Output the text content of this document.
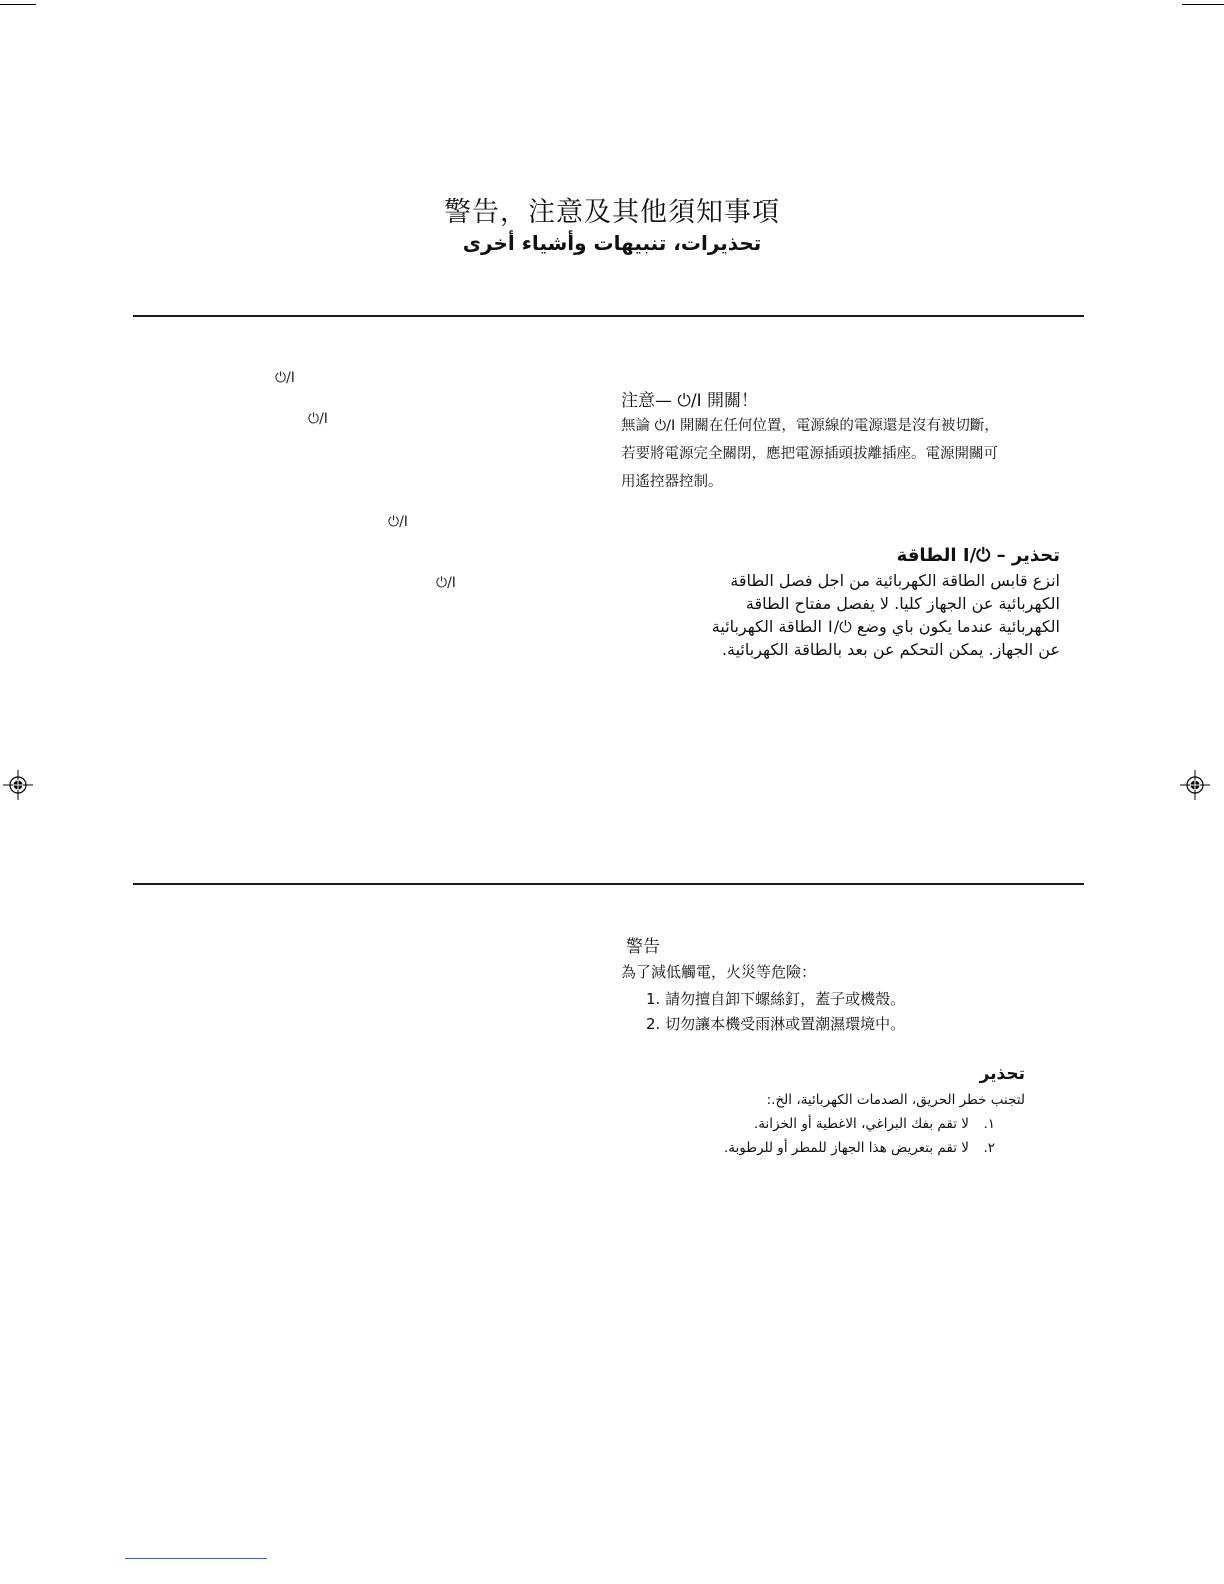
警告，注意及其他須知事項
تحذيرات، تنبيهات وأشياء أخرى
⏻/I
⏻/I
⏻/I
⏻/I
注意— ⏻/I 開關！
無論 ⏻/I 開關在任何位置，電源線的電源還是沒有被切斷，
若要將電源完全關閉，應把電源插頭拔離插座。電源開關可
用遙控器控制。
تحذير – ⏻/I الطاقة
انزع قابس الطاقة الكهربائية من اجل فصل الطاقة
الكهربائية عن الجهاز كليا. لا يفصل مفتاح الطاقة
الكهربائية عندما يكون باي وضع ⏻/I الطاقة الكهربائية
عن الجهاز. يمكن التحكم عن بعد بالطاقة الكهربائية.
警告
為了減低觸電，火災等危險：
1. 請勿擅自卸下螺絲釘，蓋子或機殼。
2. 切勿讓本機受雨淋或置潮濕環境中。
تحذير
لتجنب خطر الحريق، الصدمات الكهربائية، الخ.:
١.لا تقم بفك البراغي، الاغطية أو الخزانة.
٢.لا تقم بتعريض هذا الجهاز للمطر أو للرطوبة.
